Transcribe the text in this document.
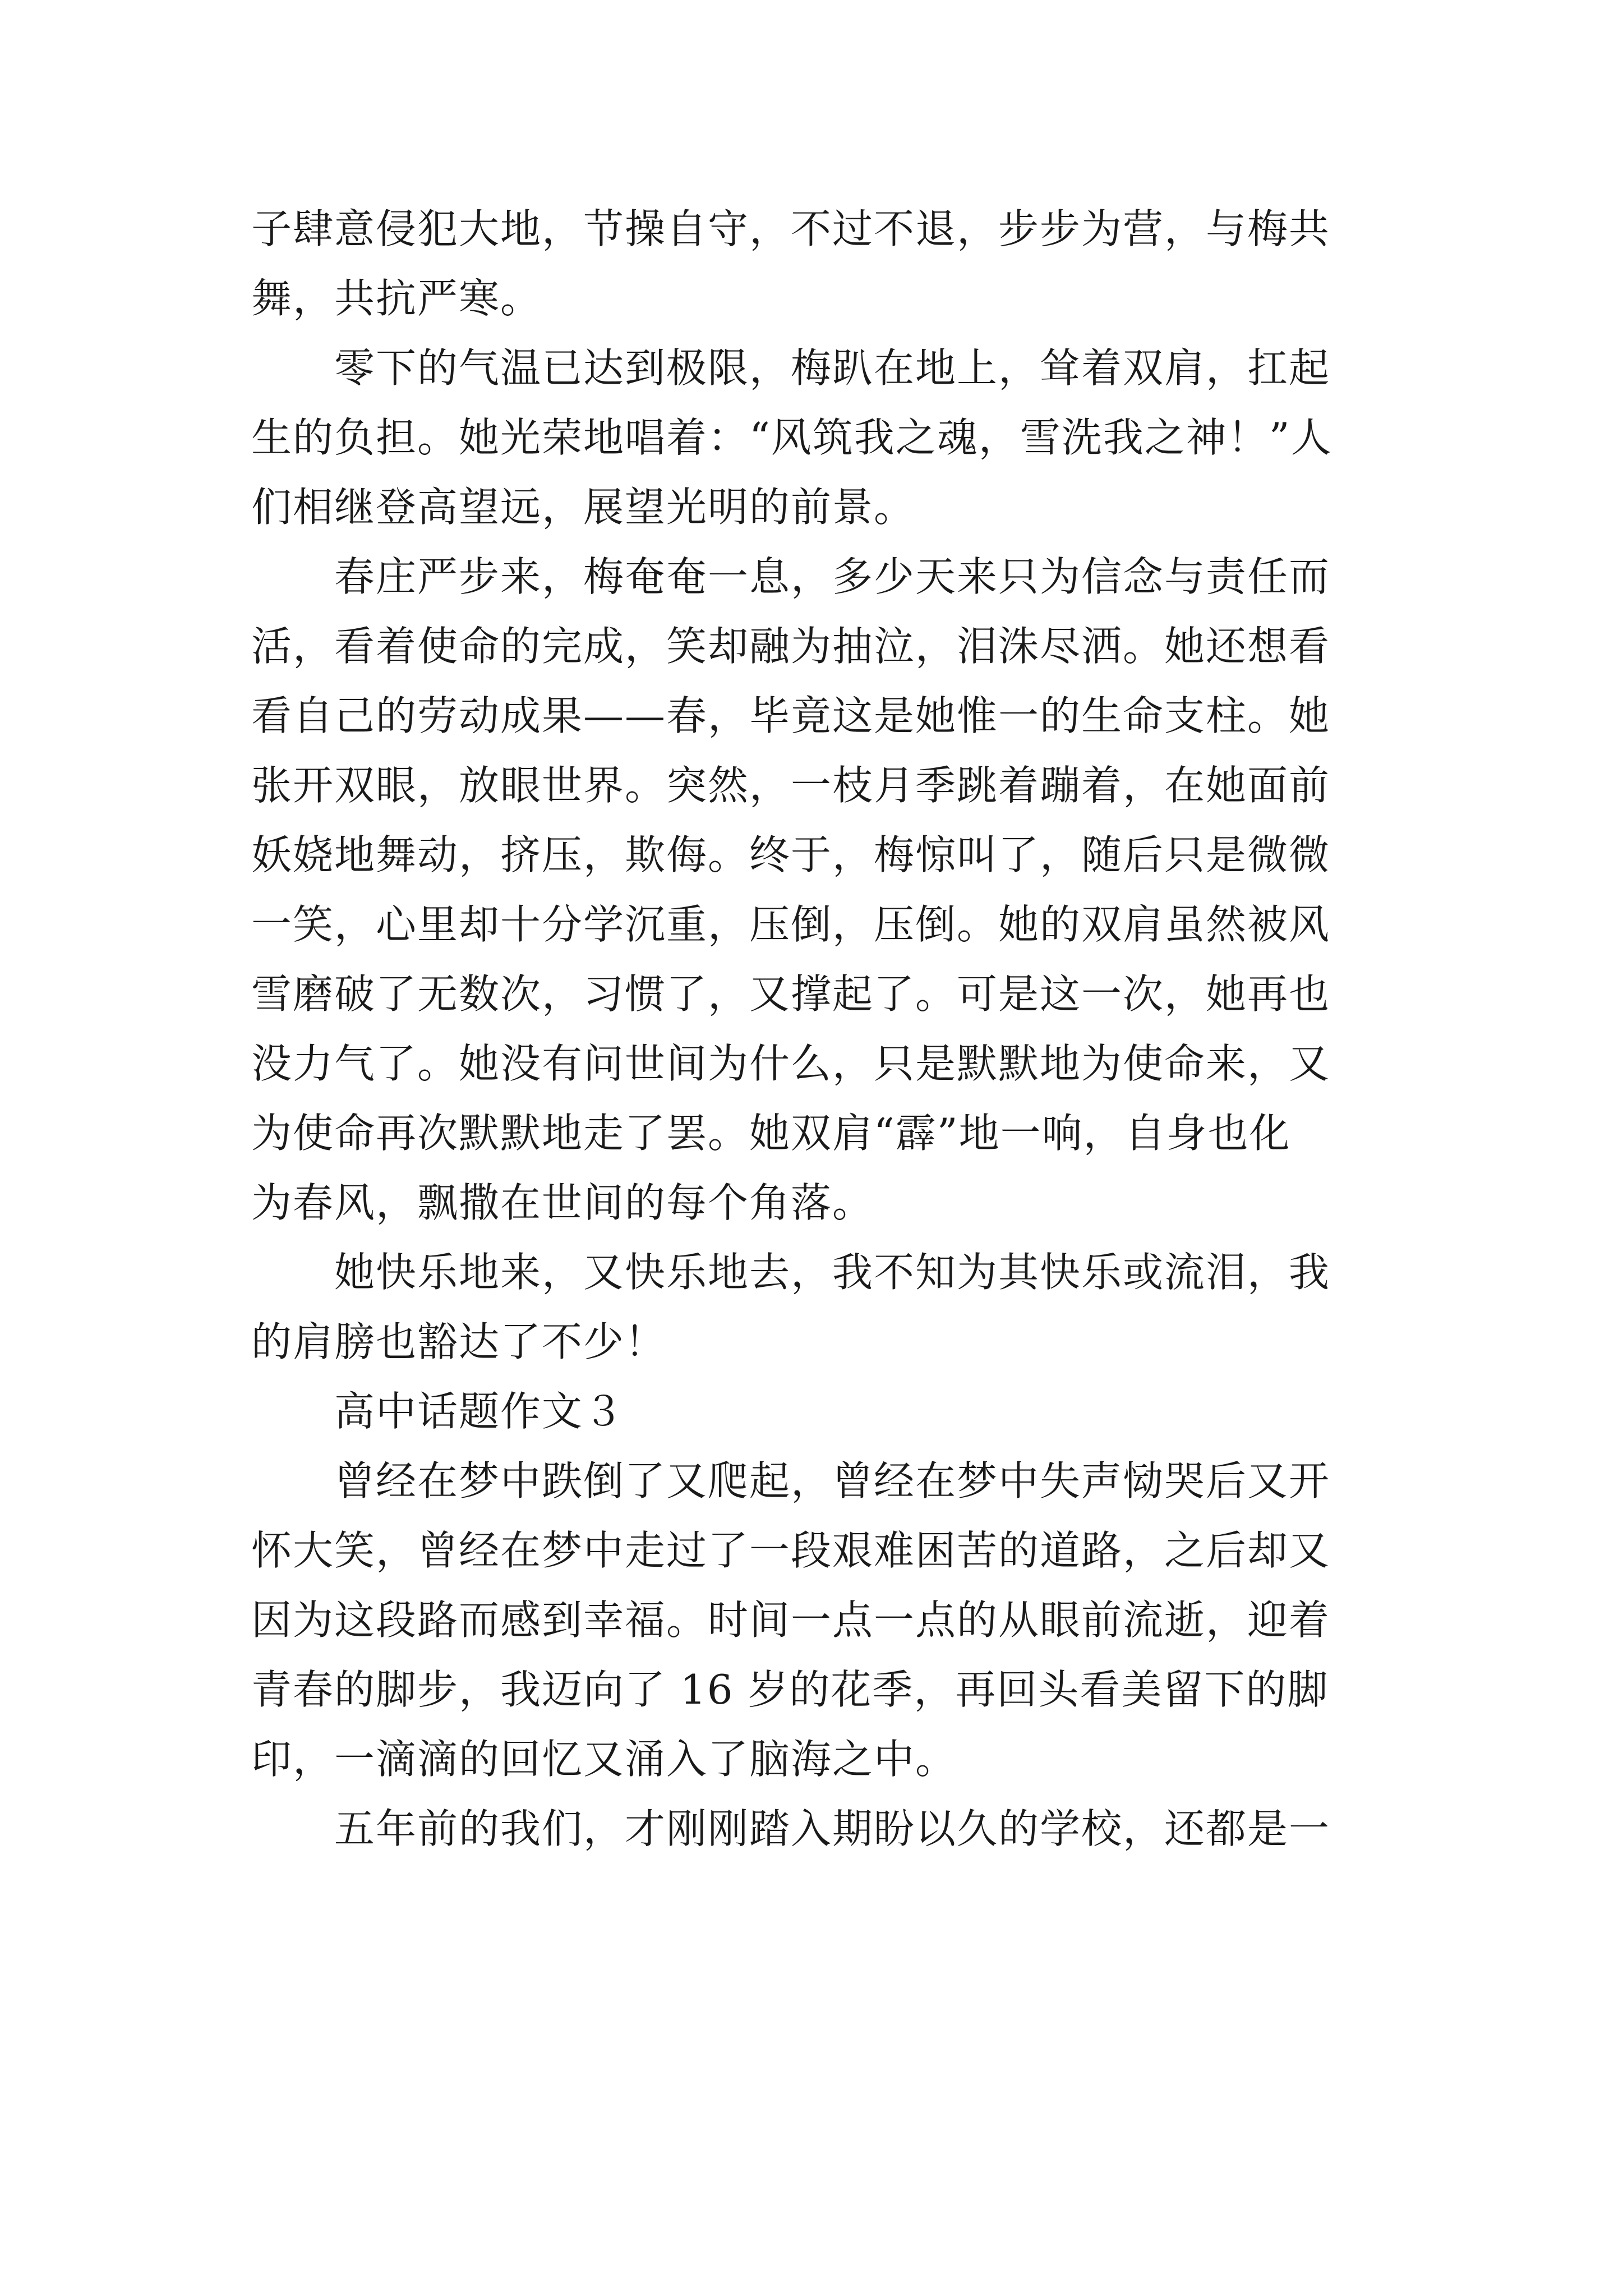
子肆意侵犯大地，节操自守，不过不退，步步为营，与梅共
舞，共抗严寒。
　　零下的气温已达到极限，梅趴在地上，耸着双肩，扛起
生的负担。她光荣地唱着：“风筑我之魂，雪洗我之神！”人
们相继登高望远，展望光明的前景。
　　春庄严步来，梅奄奄一息，多少天来只为信念与责任而
活，看着使命的完成，笑却融为抽泣，泪洙尽洒。她还想看
看自己的劳动成果——春，毕竟这是她惟一的生命支柱。她
张开双眼，放眼世界。突然，一枝月季跳着蹦着，在她面前
妖娆地舞动，挤压，欺侮。终于，梅惊叫了，随后只是微微
一笑，心里却十分学沉重，压倒，压倒。她的双肩虽然被风
雪磨破了无数次，习惯了，又撑起了。可是这一次，她再也
没力气了。她没有问世间为什么，只是默默地为使命来，又
为使命再次默默地走了罢。她双肩“霹”地一响，自身也化
为春风，飘撒在世间的每个角落。
　　她快乐地来，又快乐地去，我不知为其快乐或流泪，我
的肩膀也豁达了不少！
　　高中话题作文３
　　曾经在梦中跌倒了又爬起，曾经在梦中失声恸哭后又开
怀大笑，曾经在梦中走过了一段艰难困苦的道路，之后却又
因为这段路而感到幸福。时间一点一点的从眼前流逝，迎着
青春的脚步，我迈向了 16 岁的花季，再回头看美留下的脚
印，一滴滴的回忆又涌入了脑海之中。
　　五年前的我们，才刚刚踏入期盼以久的学校，还都是一
